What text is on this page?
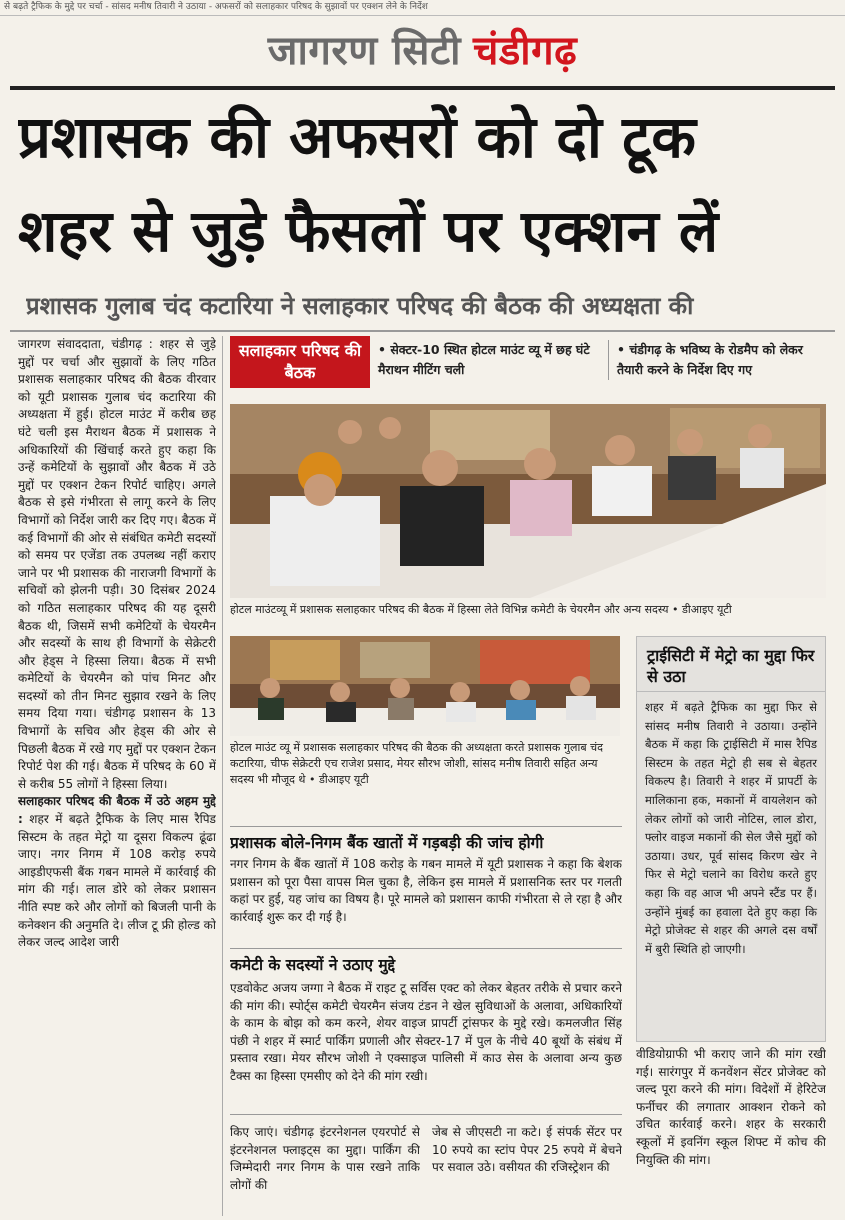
से बढ़ते ट्रैफिक के मुद्दे पर चर्चा - सांसद मनीष तिवारी ने उठाया - अफसरों को सलाहकार परिषद के सुझावों पर एक्शन लेने के निर्देश
जागरण सिटी चंडीगढ़
प्रशासक की अफसरों को दो टूक
शहर से जुड़े फैसलों पर एक्शन लें
प्रशासक गुलाब चंद कटारिया ने सलाहकार परिषद की बैठक की अध्यक्षता की

जागरण संवाददाता, चंडीगढ़ : शहर से जुड़े मुद्दों पर चर्चा और सुझावों के लिए गठित प्रशासक सलाहकार परिषद की बैठक वीरवार को यूटी प्रशासक गुलाब चंद कटारिया की अध्यक्षता में हुई। होटल माउंट में करीब छह घंटे चली इस मैराथन बैठक में प्रशासक ने अधिकारियों की खिंचाई करते हुए कहा कि उन्हें कमेटियों के सुझावों और बैठक में उठे मुद्दों पर एक्शन टेकन रिपोर्ट चाहिए। अगले बैठक से इसे गंभीरता से लागू करने के लिए विभागों को निर्देश जारी कर दिए गए। बैठक में कई विभागों की ओर से संबंधित कमेटी सदस्यों को समय पर एजेंडा तक उपलब्ध नहीं कराए जाने पर भी प्रशासक की नाराजगी विभागों के सचिवों को झेलनी पड़ी। 30 दिसंबर 2024 को गठित सलाहकार परिषद की यह दूसरी बैठक थी, जिसमें सभी कमेटियों के चेयरमैन और सदस्यों के साथ ही विभागों के सेक्रेटरी और हेड्स ने हिस्सा लिया। बैठक में सभी कमेटियों के चेयरमैन को पांच मिनट और सदस्यों को तीन मिनट सुझाव रखने के लिए समय दिया गया। चंडीगढ़ प्रशासन के 13 विभागों के सचिव और हेड्स की ओर से पिछली बैठक में रखे गए मुद्दों पर एक्शन टेकन रिपोर्ट पेश की गई। बैठक में परिषद के 60 में से करीब 55 लोगों ने हिस्सा लिया।

सलाहकार परिषद की बैठक में उठे अहम मुद्दे : शहर में बढ़ते ट्रैफिक के लिए मास रैपिड सिस्टम के तहत मेट्रो या दूसरा विकल्प ढूंढा जाए। नगर निगम में 108 करोड़ रुपये आइडीएफसी बैंक गबन मामले में कार्रवाई की मांग की गई। लाल डोरे को लेकर प्रशासन नीति स्पष्ट करे और लोगों को बिजली पानी के कनेक्शन की अनुमति दे। लीज टू फ्री होल्ड को लेकर जल्द आदेश जारी

सलाहकार परिषद की बैठक
• सेक्टर-10 स्थित होटल माउंट व्यू में छह घंटे मैराथन मीटिंग चली
• चंडीगढ़ के भविष्य के रोडमैप को लेकर तैयारी करने के निर्देश दिए गए
होटल माउंटव्यू में प्रशासक सलाहकार परिषद की बैठक में हिस्सा लेते विभिन्न कमेटी के चेयरमैन और अन्य सदस्य • डीआइए यूटी
होटल माउंट व्यू में प्रशासक सलाहकार परिषद की बैठक की अध्यक्षता करते प्रशासक गुलाब चंद कटारिया, चीफ सेक्रेटरी एच राजेश प्रसाद, मेयर सौरभ जोशी, सांसद मनीष तिवारी सहित अन्य सदस्य भी मौजूद थे • डीआइए यूटी
ट्राईसिटी में मेट्रो का मुद्दा फिर से उठा
शहर में बढ़ते ट्रैफिक का मुद्दा फिर से सांसद मनीष तिवारी ने उठाया। उन्होंने बैठक में कहा कि ट्राईसिटी में मास रैपिड सिस्टम के तहत मेट्रो ही सब से बेहतर विकल्प है। तिवारी ने शहर में प्रापर्टी के मालिकाना हक, मकानों में वायलेशन को लेकर लोगों को जारी नोटिस, लाल डोरा, फ्लोर वाइज मकानों की सेल जैसे मुद्दों को उठाया। उधर, पूर्व सांसद किरण खेर ने फिर से मेट्रो चलाने का विरोध करते हुए कहा कि वह आज भी अपने स्टैंड पर हैं। उन्होंने मुंबई का हवाला देते हुए कहा कि मेट्रो प्रोजेक्ट से शहर की अगले दस वर्षों में बुरी स्थिति हो जाएगी।
प्रशासक बोले-निगम बैंक खातों में गड़बड़ी की जांच होगी
नगर निगम के बैंक खातों में 108 करोड़ के गबन मामले में यूटी प्रशासक ने कहा कि बेशक प्रशासन को पूरा पैसा वापस मिल चुका है, लेकिन इस मामले में प्रशासनिक स्तर पर गलती कहां पर हुई, यह जांच का विषय है। पूरे मामले को प्रशासन काफी गंभीरता से ले रहा है और कार्रवाई शुरू कर दी गई है।
कमेटी के सदस्यों ने उठाए मुद्दे
एडवोकेट अजय जग्गा ने बैठक में राइट टू सर्विस एक्ट को लेकर बेहतर तरीके से प्रचार करने की मांग की। स्पोर्ट्स कमेटी चेयरमैन संजय टंडन ने खेल सुविधाओं के अलावा, अधिकारियों के काम के बोझ को कम करने, शेयर वाइज प्रापर्टी ट्रांसफर के मुद्दे रखे। कमलजीत सिंह पंछी ने शहर में स्मार्ट पार्किंग प्रणाली और सेक्टर-17 में पुल के नीचे 40 बूथों के संबंध में प्रस्ताव रखा। मेयर सौरभ जोशी ने एक्साइज पालिसी में काउ सेस के अलावा अन्य कुछ टैक्स का हिस्सा एमसीए को देने की मांग रखी।
किए जाएं। चंडीगढ़ इंटरनेशनल एयरपोर्ट से इंटरनेशनल फ्लाइट्स का मुद्दा। पार्किंग की जिम्मेदारी नगर निगम के पास रखने ताकि लोगों की
जेब से जीएसटी ना कटे। ई संपर्क सेंटर पर 10 रुपये का स्टांप पेपर 25 रुपये में बेचने पर सवाल उठे। वसीयत की रजिस्ट्रेशन की
वीडियोग्राफी भी कराए जाने की मांग रखी गई। सारंगपुर में कनवेंशन सेंटर प्रोजेक्ट को जल्द पूरा करने की मांग। विदेशों में हेरिटेज फर्नीचर की लगातार आक्शन रोकने को उचित कार्रवाई करने। शहर के सरकारी स्कूलों में इवनिंग स्कूल शिफ्ट में कोच की नियुक्ति की मांग।
